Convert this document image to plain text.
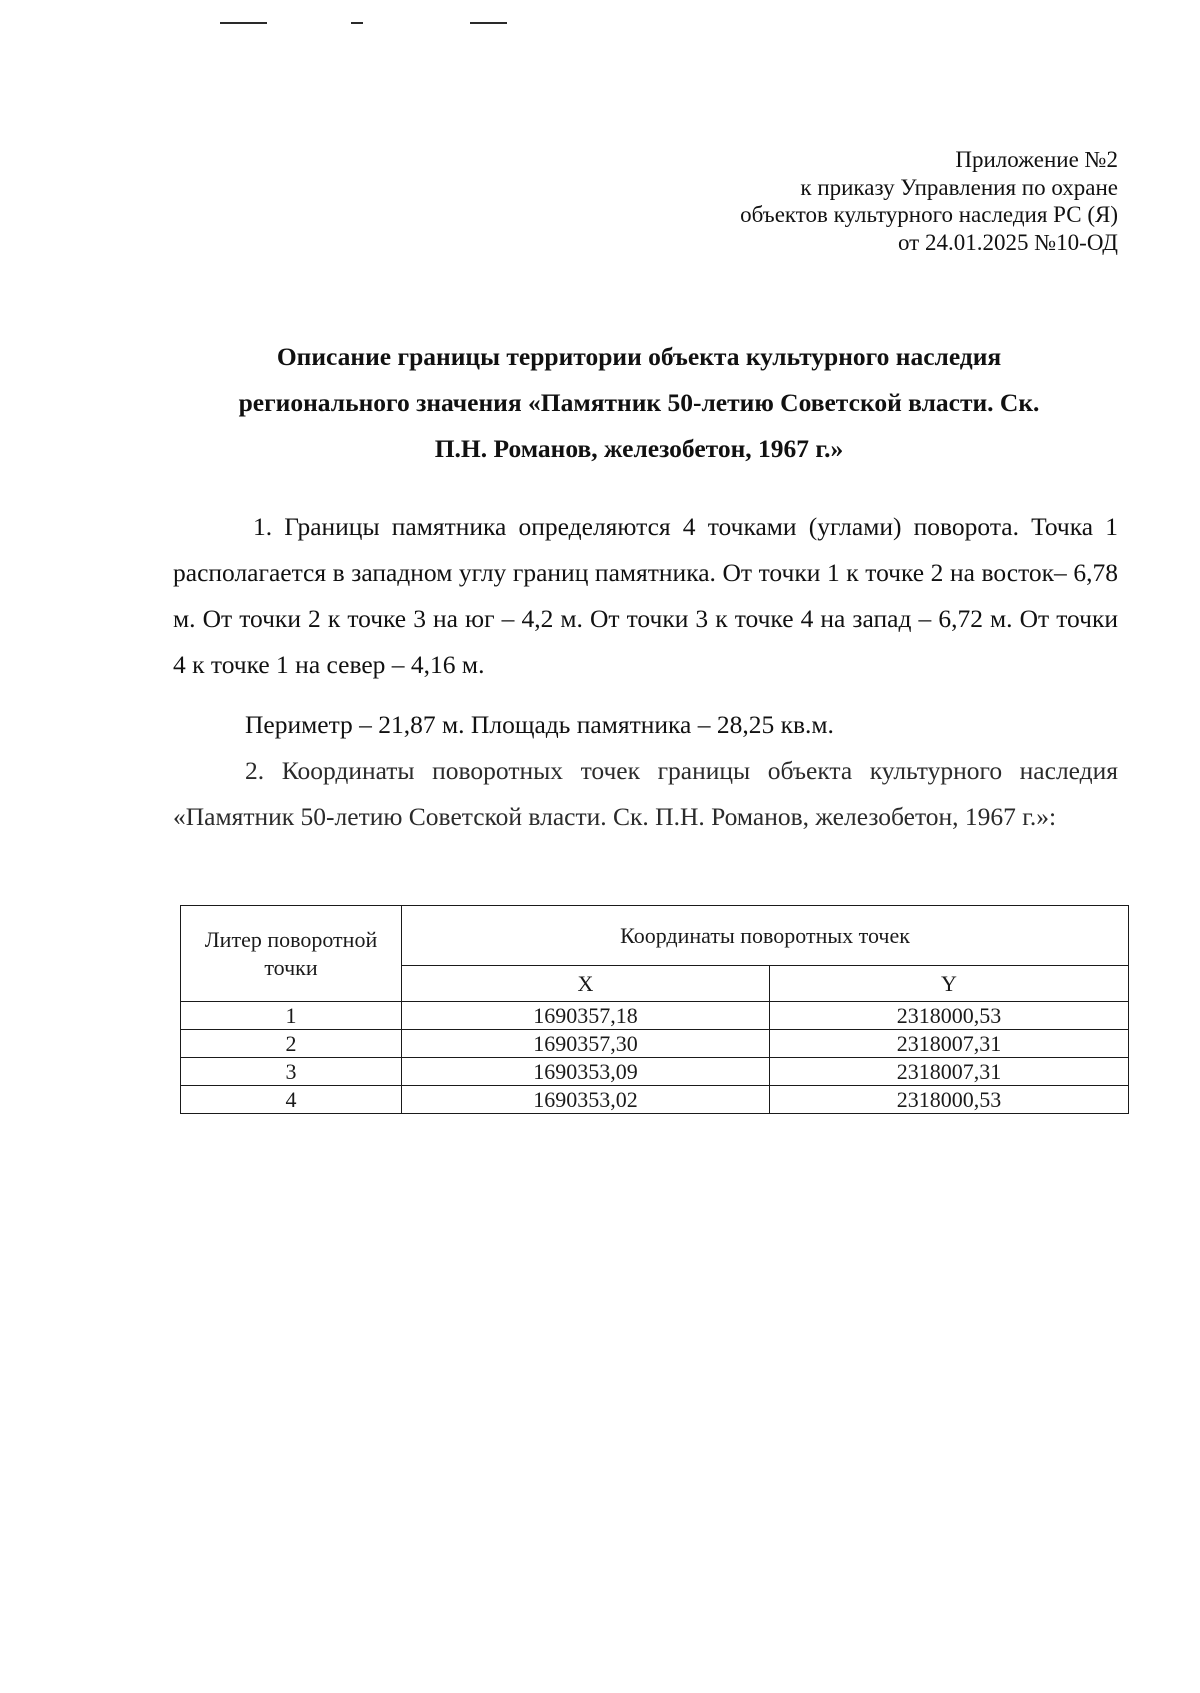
Приложение №2
к приказу Управления по охране
объектов культурного наследия РС (Я)
от 24.01.2025 №10-ОД
Описание границы территории объекта культурного наследия
регионального значения «Памятник 50-летию Советской власти. Ск.
П.Н. Романов, железобетон, 1967 г.»
1. Границы памятника определяются 4 точками (углами) поворота. Точка 1 располагается в западном углу границ памятника. От точки 1 к точке 2 на восток– 6,78 м. От точки 2 к точке 3 на юг – 4,2 м. От точки 3 к точке 4 на запад – 6,72 м. От точки 4 к точке 1 на север – 4,16 м.
Периметр – 21,87 м. Площадь памятника – 28,25 кв.м.
2. Координаты поворотных точек границы объекта культурного наследия «Памятник 50-летию Советской власти. Ск. П.Н. Романов, железобетон, 1967 г.»:
Литер поворотной точки	Координаты поворотных точек	
	X	Y
1	1690357,18	2318000,53
2	1690357,30	2318007,31
3	1690353,09	2318007,31
4	1690353,02	2318000,53
